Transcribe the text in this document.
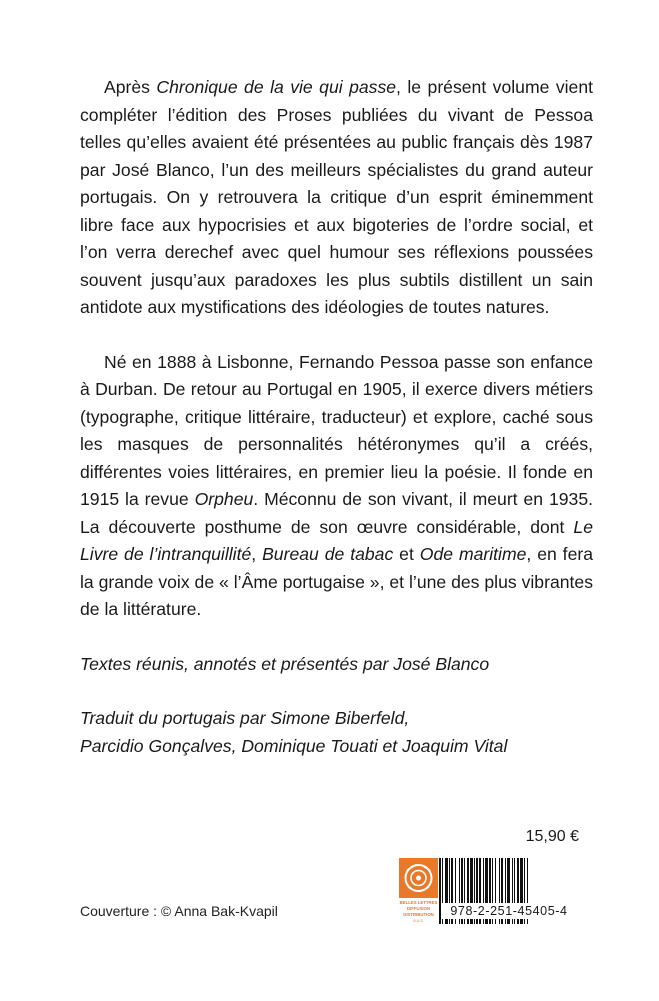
Après Chronique de la vie qui passe, le présent volume vient compléter l’édition des Proses publiées du vivant de Pessoa telles qu’elles avaient été présentées au public français dès 1987 par José Blanco, l’un des meilleurs spécialistes du grand auteur portugais. On y retrouvera la critique d’un esprit éminemment libre face aux hypocrisies et aux bigoteries de l’ordre social, et l’on verra derechef avec quel humour ses réflexions poussées souvent jusqu’aux paradoxes les plus subtils distillent un sain antidote aux mystifications des idéologies de toutes natures.

Né en 1888 à Lisbonne, Fernando Pessoa passe son enfance à Durban. De retour au Portugal en 1905, il exerce divers métiers (typographe, critique littéraire, traducteur) et explore, caché sous les masques de personnalités hétéronymes qu’il a créés, différentes voies littéraires, en premier lieu la poésie. Il fonde en 1915 la revue Orpheu. Méconnu de son vivant, il meurt en 1935. La découverte posthume de son œuvre considérable, dont Le Livre de l’intranquillité, Bureau de tabac et Ode maritime, en fera la grande voix de « l’Âme portugaise », et l’une des plus vibrantes de la littérature.

Textes réunis, annotés et présentés par José Blanco

Traduit du portugais par Simone Biberfeld,
Parcidio Gonçalves, Dominique Touati et Joaquim Vital

15,90 €
Couverture : © Anna Bak-Kvapil
BELLES LETTRES
DIFFUSION
DISTRIBUTION
B.A.S.
978-2-251-45405-4
